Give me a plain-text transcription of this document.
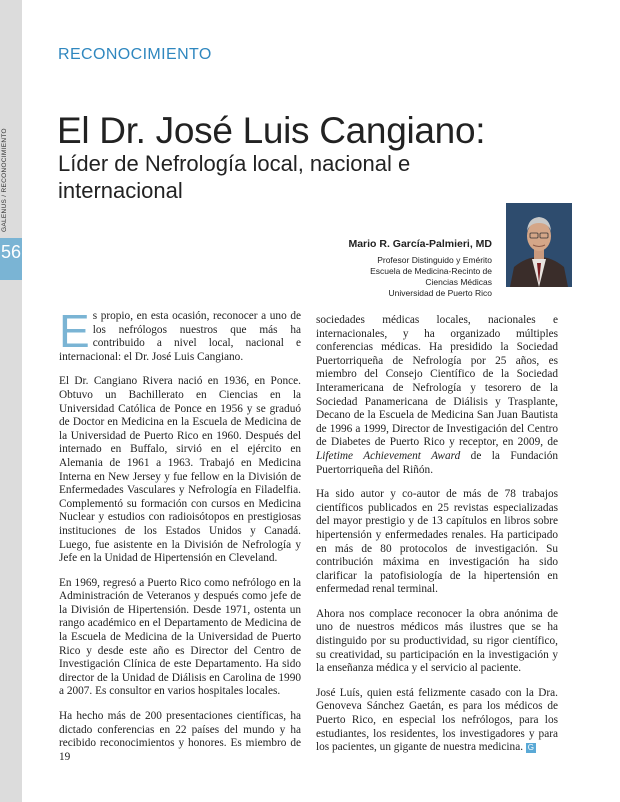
56
GALENUS / RECONOCIMIENTO
RECONOCIMIENTO
El Dr. José Luis Cangiano:
Líder de Nefrología local, nacional e internacional
Mario R. García-Palmieri, MD
Profesor Distinguido y Emérito
Escuela de Medicina-Recinto de
Ciencias Médicas
Universidad de Puerto Rico

Es propio, en esta ocasión, reconocer a uno de los nefrólogos nuestros que más ha contribuido a nivel local, nacional e internacional: el Dr. José Luis Cangiano.

El Dr. Cangiano Rivera nació en 1936, en Ponce. Obtuvo un Bachillerato en Ciencias en la Universidad Católica de Ponce en 1956 y se graduó de Doctor en Medicina en la Escuela de Medicina de la Universidad de Puerto Rico en 1960. Después del internado en Buffalo, sirvió en el ejército en Alemania de 1961 a 1963. Trabajó en Medicina Interna en New Jersey y fue fellow en la División de Enfermedades Vasculares y Nefrología en Filadelfia. Complementó su formación con cursos en Medicina Nuclear y estudios con radioisótopos en prestigiosas instituciones de los Estados Unidos y Canadá. Luego, fue asistente en la División de Nefrología y Jefe en la Unidad de Hipertensión en Cleveland.

En 1969, regresó a Puerto Rico como nefrólogo en la Administración de Veteranos y después como jefe de la División de Hipertensión. Desde 1971, ostenta un rango académico en el Departamento de Medicina de la Escuela de Medicina de la Universidad de Puerto Rico y desde este año es Director del Centro de Investigación Clínica de este Departamento. Ha sido director de la Unidad de Diálisis en Carolina de 1990 a 2007. Es consultor en varios hospitales locales.

Ha hecho más de 200 presentaciones científicas, ha dictado conferencias en 22 países del mundo y ha recibido reconocimientos y honores. Es miembro de 19

sociedades médicas locales, nacionales e internacionales, y ha organizado múltiples conferencias médicas. Ha presidido la Sociedad Puertorriqueña de Nefrología por 25 años, es miembro del Consejo Científico de la Sociedad Interamericana de Nefrología y tesorero de la Sociedad Panamericana de Diálisis y Trasplante, Decano de la Escuela de Medicina San Juan Bautista de 1996 a 1999, Director de Investigación del Centro de Diabetes de Puerto Rico y receptor, en 2009, de Lifetime Achievement Award de la Fundación Puertorriqueña del Riñón.

Ha sido autor y co-autor de más de 78 trabajos científicos publicados en 25 revistas especializadas del mayor prestigio y de 13 capítulos en libros sobre hipertensión y enfermedades renales. Ha participado en más de 80 protocolos de investigación. Su contribución máxima en investigación ha sido clarificar la patofisiología de la hipertensión en enfermedad renal terminal.

Ahora nos complace reconocer la obra anónima de uno de nuestros médicos más ilustres que se ha distinguido por su productividad, su rigor científico, su creatividad, su participación en la investigación y la enseñanza médica y el servicio al paciente.

José Luís, quien está felizmente casado con la Dra. Genoveva Sánchez Gaetán, es para los médicos de Puerto Rico, en especial los nefrólogos, para los estudiantes, los residentes, los investigadores y para los pacientes, un gigante de nuestra medicina. G
